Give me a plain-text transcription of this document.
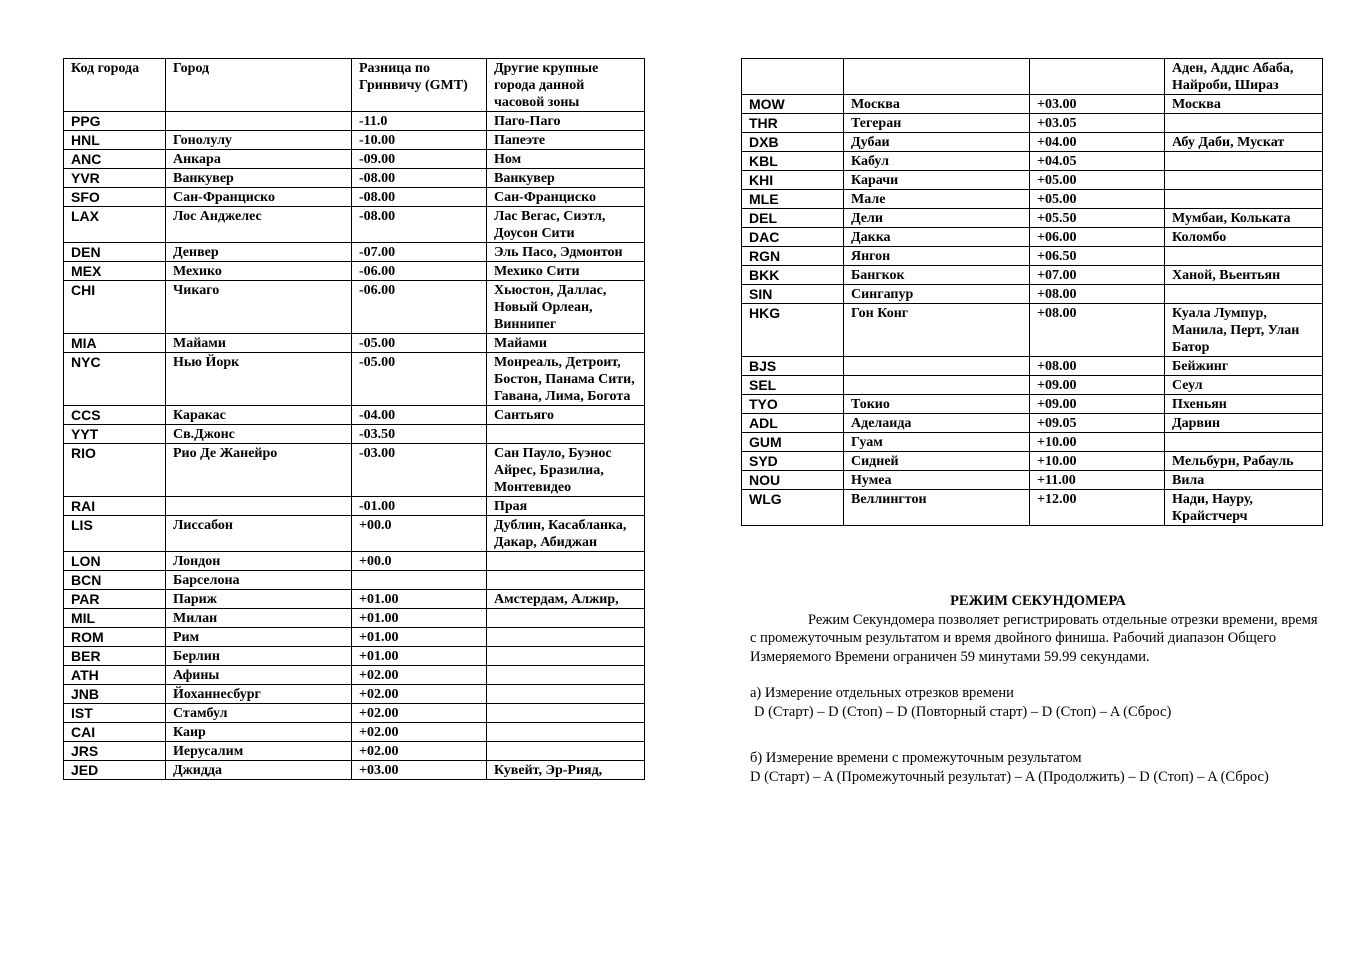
Код города	Город	Разница по Гринвичу (GMT)	Другие крупные города данной часовой зоны
PPG		-11.0	Паго-Паго
HNL	Гонолулу	-10.00	Папеэте
ANC	Анкара	-09.00	Ном
YVR	Ванкувер	-08.00	Ванкувер
SFO	Сан-Франциско	-08.00	Сан-Франциско
LAX	Лос Анджелес	-08.00	Лас Вегас, Сиэтл, Доусон Сити
DEN	Денвер	-07.00	Эль Пасо, Эдмонтон
MEX	Мехико	-06.00	Мехико Сити
CHI	Чикаго	-06.00	Хьюстон, Даллас, Новый Орлеан, Виннипег
MIA	Майами	-05.00	Майами
NYC	Нью Йорк	-05.00	Монреаль, Детроит, Бостон, Панама Сити, Гавана, Лима, Богота
CCS	Каракас	-04.00	Сантьяго
YYT	Св.Джонс	-03.50	
RIO	Рио Де Жанейро	-03.00	Сан Пауло, Буэнос Айрес, Бразилиа, Монтевидео
RAI		-01.00	Прая
LIS	Лиссабон	+00.0	Дублин, Касабланка, Дакар, Абиджан
LON	Лондон	+00.0	
BCN	Барселона		
PAR	Париж	+01.00	Амстердам, Алжир,
MIL	Милан	+01.00	
ROM	Рим	+01.00	
BER	Берлин	+01.00	
ATH	Афины	+02.00	
JNB	Йоханнесбург	+02.00	
IST	Стамбул	+02.00	
CAI	Каир	+02.00	
JRS	Иерусалим	+02.00	
JED	Джидда	+03.00	Кувейт, Эр-Рияд,
			Аден, Аддис Абаба, Найроби, Шираз
MOW	Москва	+03.00	Москва
THR	Тегеран	+03.05	
DXB	Дубаи	+04.00	Абу Даби, Мускат
KBL	Кабул	+04.05	
KHI	Карачи	+05.00	
MLE	Мале	+05.00	
DEL	Дели	+05.50	Мумбаи, Кольката
DAC	Дакка	+06.00	Коломбо
RGN	Янгон	+06.50	
BKK	Бангкок	+07.00	Ханой, Вьентьян
SIN	Сингапур	+08.00	
HKG	Гон Конг	+08.00	Куала Лумпур, Манила, Перт, Улан Батор
BJS		+08.00	Бейжинг
SEL		+09.00	Сеул
TYO	Токио	+09.00	Пхеньян
ADL	Аделаида	+09.05	Дарвин
GUM	Гуам	+10.00	
SYD	Сидней	+10.00	Мельбурн, Рабауль
NOU	Нумеа	+11.00	Вила
WLG	Веллингтон	+12.00	Нади, Науру, Крайстчерч
РЕЖИМ СЕКУНДОМЕРА

Режим Секундомера позволяет регистрировать отдельные отрезки времени, время с промежуточным результатом и время двойного финиша. Рабочий диапазон Общего Измеряемого Времени ограничен 59 минутами 59.99 секундами.

а) Измерение отдельных отрезков времени

D (Старт) – D (Стоп) – D (Повторный старт) – D (Стоп) – A (Сброс)

б) Измерение времени с промежуточным результатом

D (Старт) – A (Промежуточный результат) – A (Продолжить) – D (Стоп) – A (Сброс)
